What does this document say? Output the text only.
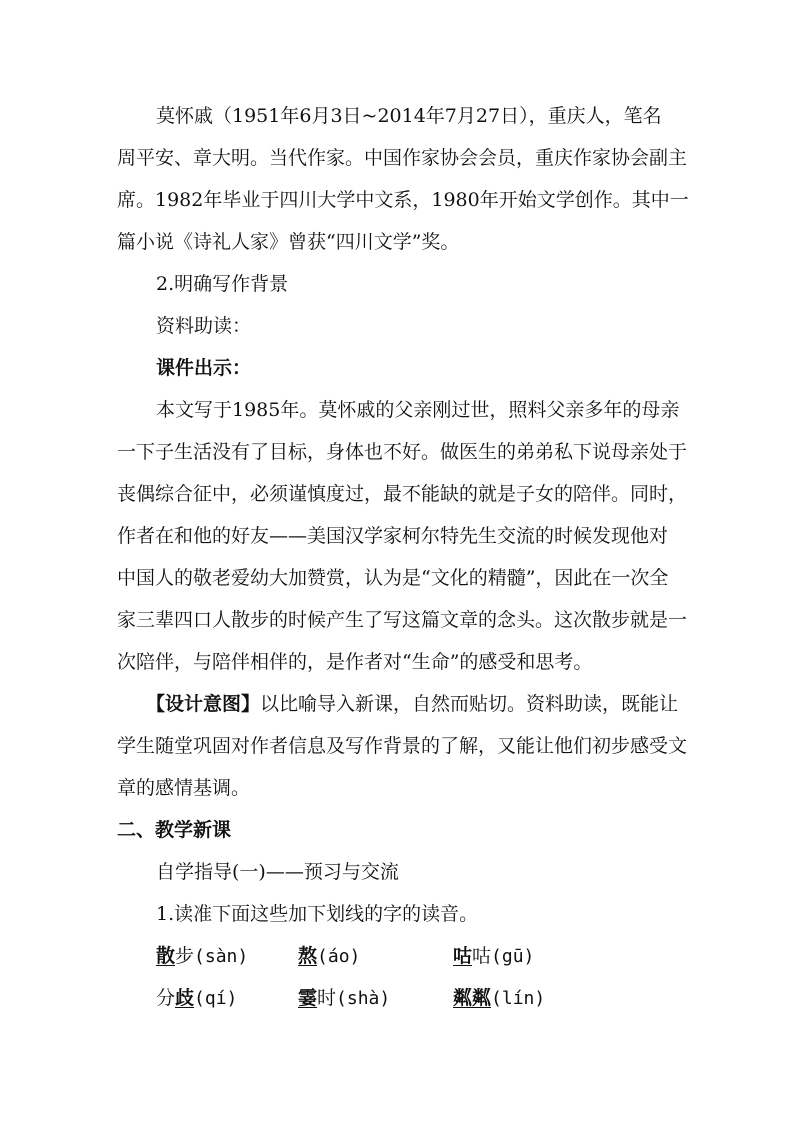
莫怀戚（1951年6月3日~2014年7月27日），重庆人，笔名
周平安、章大明。当代作家。中国作家协会会员，重庆作家协会副主
席。1982年毕业于四川大学中文系，1980年开始文学创作。其中一
篇小说《诗礼人家》曾获“四川文学”奖。
2.明确写作背景
资料助读：
课件出示：
本文写于1985年。莫怀戚的父亲刚过世，照料父亲多年的母亲
一下子生活没有了目标，身体也不好。做医生的弟弟私下说母亲处于
丧偶综合征中，必须谨慎度过，最不能缺的就是子女的陪伴。同时，
作者在和他的好友——美国汉学家柯尔特先生交流的时候发现他对
中国人的敬老爱幼大加赞赏，认为是“文化的精髓”，因此在一次全
家三辈四口人散步的时候产生了写这篇文章的念头。这次散步就是一
次陪伴，与陪伴相伴的，是作者对“生命”的感受和思考。
【设计意图】以比喻导入新课，自然而贴切。资料助读，既能让
学生随堂巩固对作者信息及写作背景的了解，又能让他们初步感受文
章的感情基调。
二、教学新课
自学指导(一)——预习与交流
1.读准下面这些加下划线的字的读音。
散步(sàn)	熬(áo)	咕咕(gū)
分歧(qí)	霎时(shà)	粼粼(lín)
